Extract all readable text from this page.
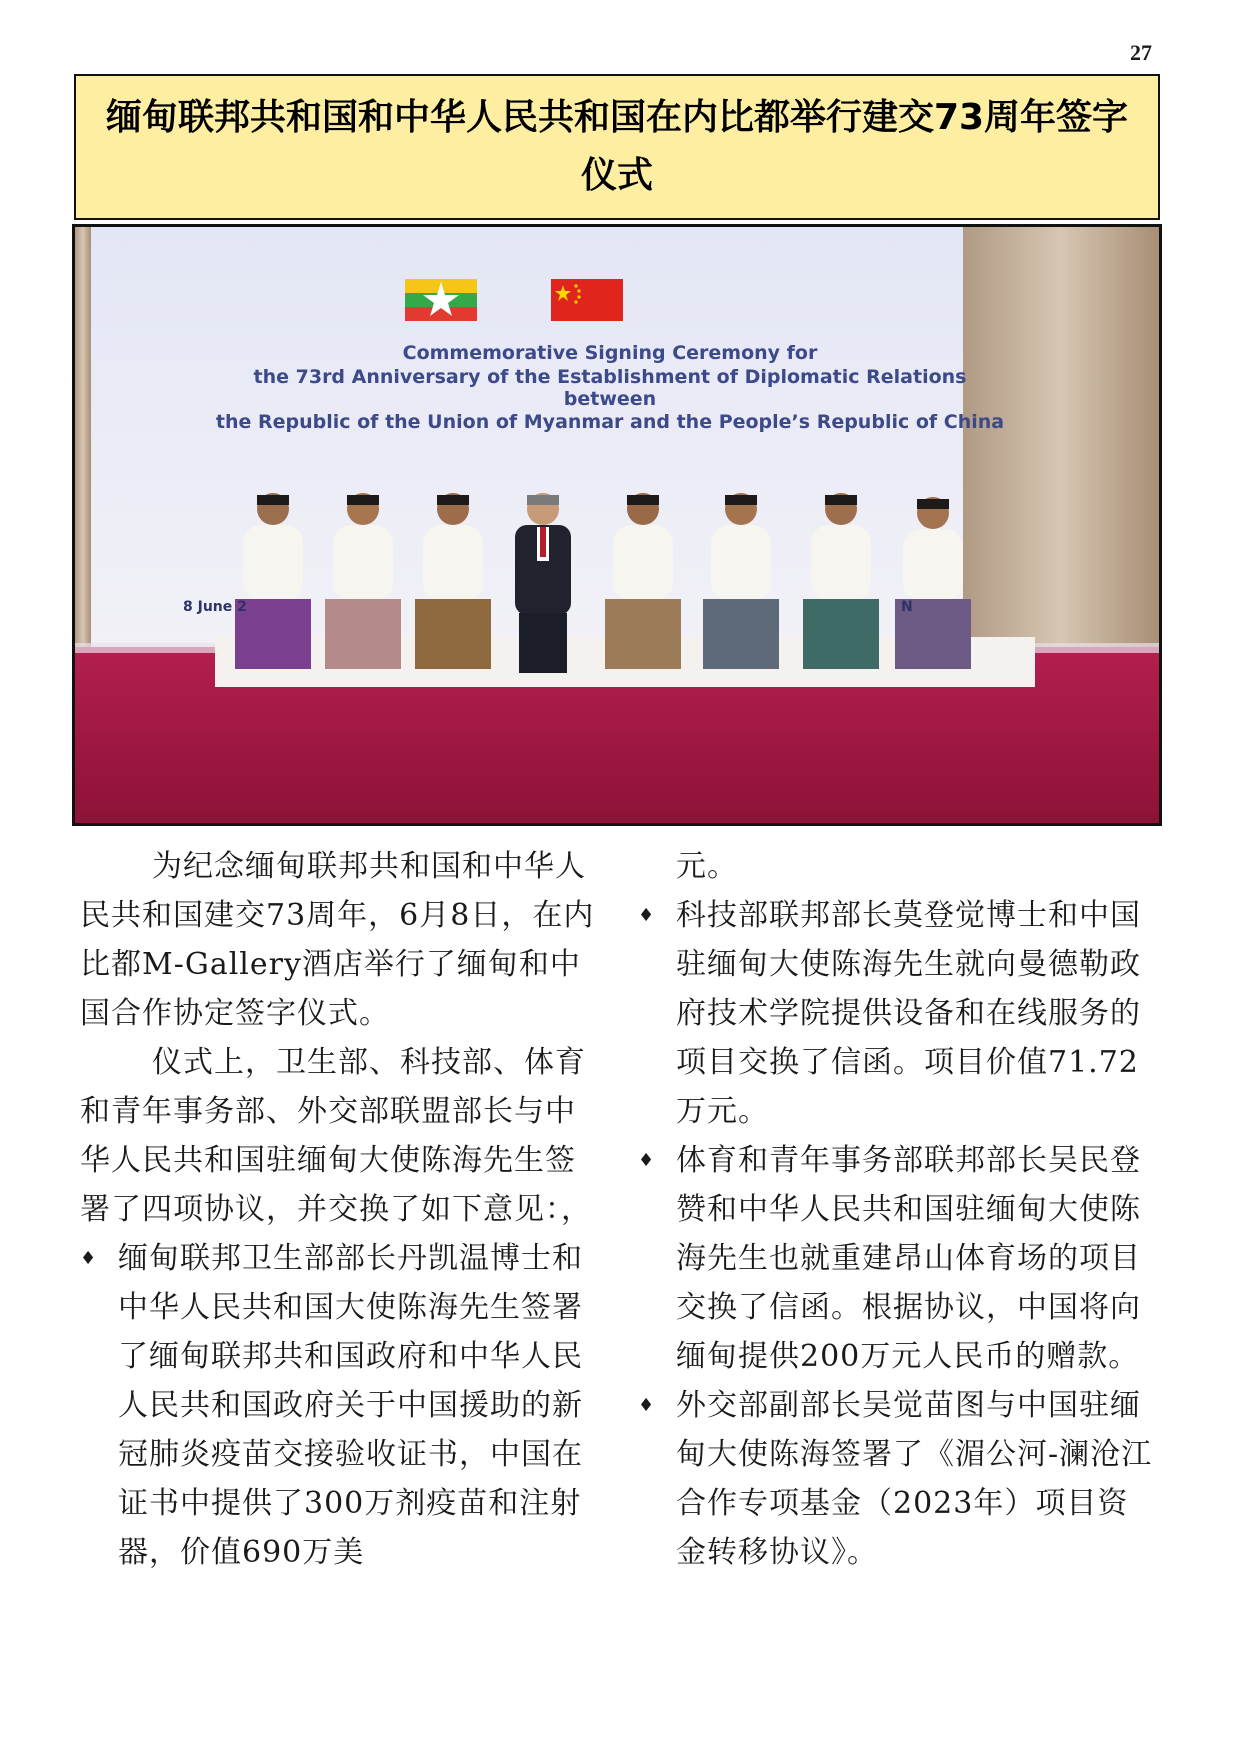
27
缅甸联邦共和国和中华人民共和国在内比都举行建交73周年签字仪式
Commemorative Signing Ceremony for
the 73rd Anniversary of the Establishment of Diplomatic Relations
between
the Republic of the Union of Myanmar and the People’s Republic of China
8 June 2	N

为纪念缅甸联邦共和国和中华人民共和国建交73周年，6月8日，在内比都M-Gallery酒店举行了缅甸和中国合作协定签字仪式。

仪式上，卫生部、科技部、体育和青年事务部、外交部联盟部长与中华人民共和国驻缅甸大使陈海先生签署了四项协议，并交换了如下意见：，

♦ 缅甸联邦卫生部部长丹凯温博士和中华人民共和国大使陈海先生签署了缅甸联邦共和国政府和中华人民人民共和国政府关于中国援助的新冠肺炎疫苗交接验收证书，中国在证书中提供了300万剂疫苗和注射器，价值690万美

元。

♦ 科技部联邦部长莫登觉博士和中国驻缅甸大使陈海先生就向曼德勒政府技术学院提供设备和在线服务的项目交换了信函。项目价值71.72万元。

♦ 体育和青年事务部联邦部长吴民登赞和中华人民共和国驻缅甸大使陈海先生也就重建昂山体育场的项目交换了信函。根据协议，中国将向缅甸提供200万元人民币的赠款。

♦ 外交部副部长吴觉苗图与中国驻缅甸大使陈海签署了《湄公河-澜沧江合作专项基金（2023年）项目资金转移协议》。
